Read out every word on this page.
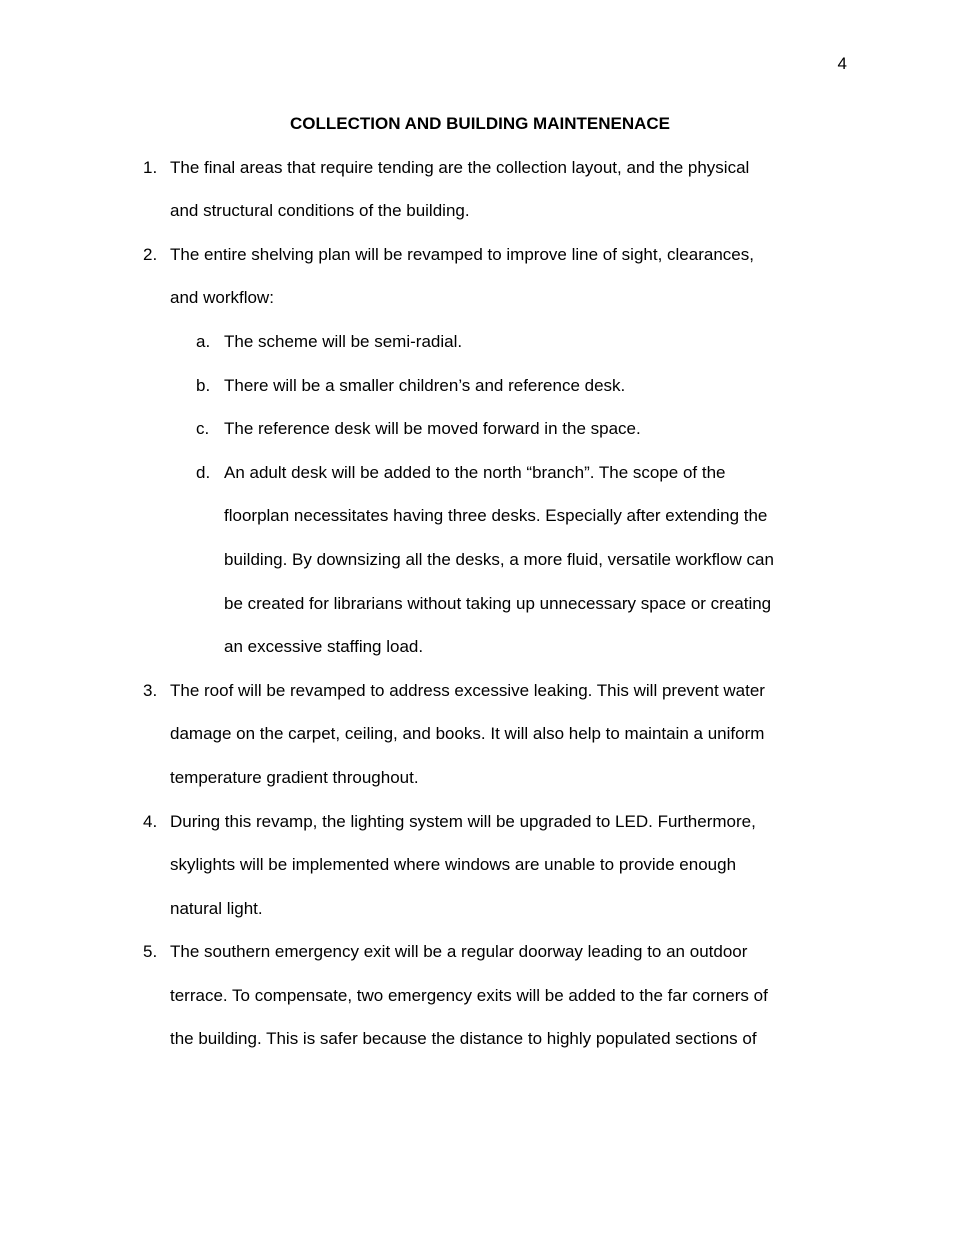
4
COLLECTION AND BUILDING MAINTENENACE
1. The final areas that require tending are the collection layout, and the physical
and structural conditions of the building.
2. The entire shelving plan will be revamped to improve line of sight, clearances,
and workflow:
a. The scheme will be semi-radial.
b. There will be a smaller children’s and reference desk.
c. The reference desk will be moved forward in the space.
d. An adult desk will be added to the north “branch”. The scope of the
floorplan necessitates having three desks. Especially after extending the
building. By downsizing all the desks, a more fluid, versatile workflow can
be created for librarians without taking up unnecessary space or creating
an excessive staffing load.
3. The roof will be revamped to address excessive leaking. This will prevent water
damage on the carpet, ceiling, and books. It will also help to maintain a uniform
temperature gradient throughout.
4. During this revamp, the lighting system will be upgraded to LED. Furthermore,
skylights will be implemented where windows are unable to provide enough
natural light.
5. The southern emergency exit will be a regular doorway leading to an outdoor
terrace. To compensate, two emergency exits will be added to the far corners of
the building. This is safer because the distance to highly populated sections of
